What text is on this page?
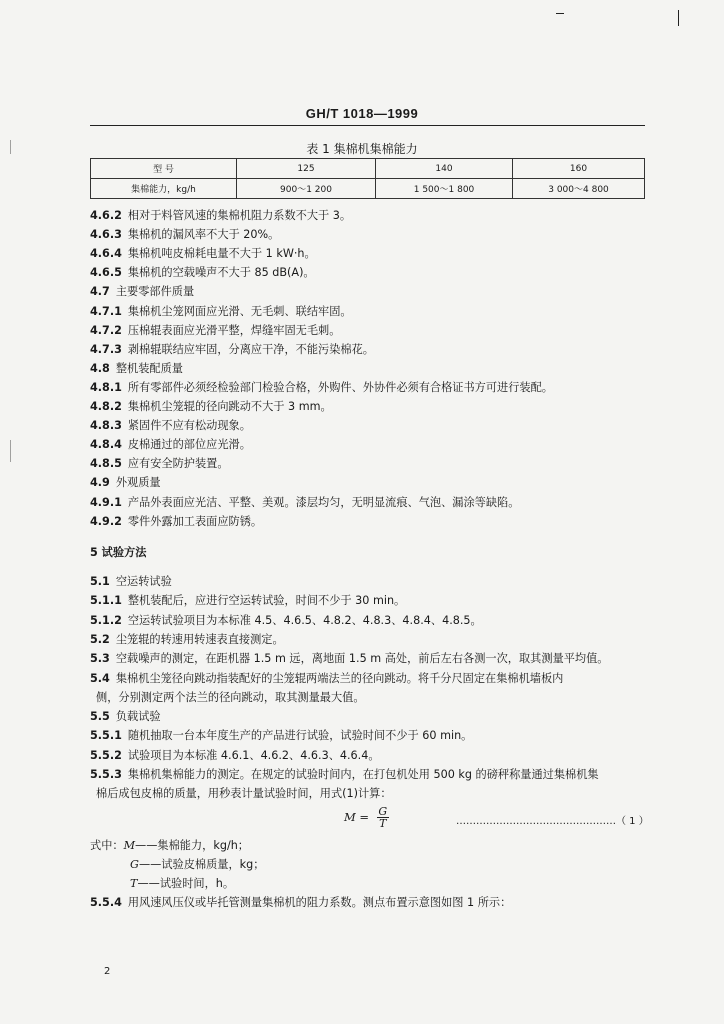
GH/T 1018—1999
表 1 集棉机集棉能力
型 号	125	140	160
集棉能力，kg/h	900～1 200	1 500～1 800	3 000～4 800
4.6.2 相对于料管风速的集棉机阻力系数不大于 3。
4.6.3 集棉机的漏风率不大于 20%。
4.6.4 集棉机吨皮棉耗电量不大于 1 kW·h。
4.6.5 集棉机的空载噪声不大于 85 dB(A)。
4.7 主要零部件质量
4.7.1 集棉机尘笼网面应光滑、无毛刺、联结牢固。
4.7.2 压棉辊表面应光滑平整，焊缝牢固无毛刺。
4.7.3 剥棉辊联结应牢固，分离应干净，不能污染棉花。
4.8 整机装配质量
4.8.1 所有零部件必须经检验部门检验合格，外购件、外协件必须有合格证书方可进行装配。
4.8.2 集棉机尘笼辊的径向跳动不大于 3 mm。
4.8.3 紧固件不应有松动现象。
4.8.4 皮棉通过的部位应光滑。
4.8.5 应有安全防护装置。
4.9 外观质量
4.9.1 产品外表面应光洁、平整、美观。漆层均匀，无明显流痕、气泡、漏涂等缺陷。
4.9.2 零件外露加工表面应防锈。
5 试验方法
5.1 空运转试验
5.1.1 整机装配后，应进行空运转试验，时间不少于 30 min。
5.1.2 空运转试验项目为本标准 4.5、4.6.5、4.8.2、4.8.3、4.8.4、4.8.5。
5.2 尘笼辊的转速用转速表直接测定。
5.3 空载噪声的测定，在距机器 1.5 m 远，离地面 1.5 m 高处，前后左右各测一次，取其测量平均值。
5.4 集棉机尘笼径向跳动指装配好的尘笼辊两端法兰的径向跳动。将千分尺固定在集棉机墙板内
侧，分别测定两个法兰的径向跳动，取其测量最大值。
5.5 负载试验
5.5.1 随机抽取一台本年度生产的产品进行试验，试验时间不少于 60 min。
5.5.2 试验项目为本标准 4.6.1、4.6.2、4.6.3、4.6.4。
5.5.3 集棉机集棉能力的测定。在规定的试验时间内，在打包机处用 500 kg 的磅秤称量通过集棉机集
棉后成包皮棉的质量，用秒表计量试验时间，用式(1)计算：
$M = \frac{G}{T}$	…………………………………………（ 1 ）
式中：M——集棉能力，kg/h；
G——试验皮棉质量，kg；
T——试验时间，h。
5.5.4 用风速风压仪或毕托管测量集棉机的阻力系数。测点布置示意图如图 1 所示：
2
